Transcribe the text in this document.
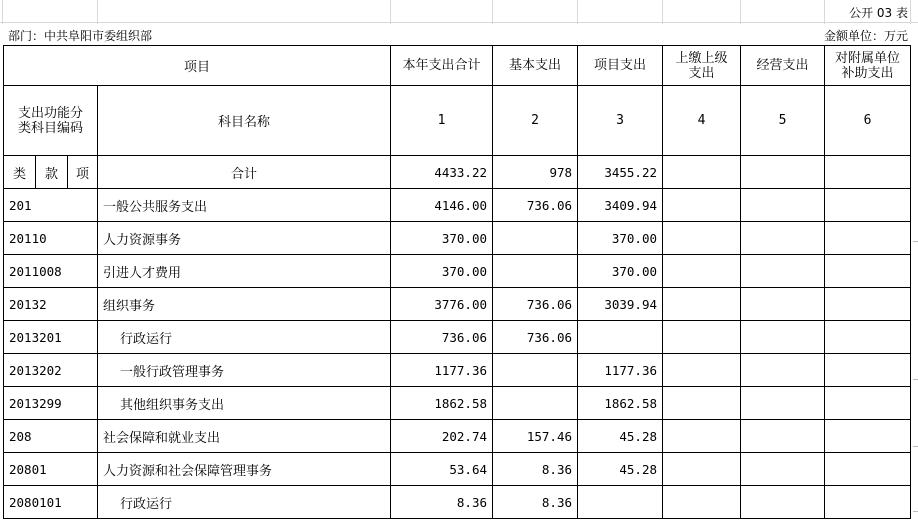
公开 03 表
部门：中共阜阳市委组织部	金额单位：万元
项目				本年支出合计	基本支出	项目支出	上缴上级支出	经营支出	对附属单位补助支出
支出功能分类科目编码			科目名称	1	2	3	4	5	6
类	款	项	合计	4433.22	978	3455.22			
201			一般公共服务支出	4146.00	736.06	3409.94			
20110			人力资源事务	370.00		370.00			
2011008			引进人才费用	370.00		370.00			
20132			组织事务	3776.00	736.06	3039.94			
2013201			行政运行	736.06	736.06				
2013202			一般行政管理事务	1177.36		1177.36			
2013299			其他组织事务支出	1862.58		1862.58			
208			社会保障和就业支出	202.74	157.46	45.28			
20801			人力资源和社会保障管理事务	53.64	8.36	45.28			
2080101			行政运行	8.36	8.36				
